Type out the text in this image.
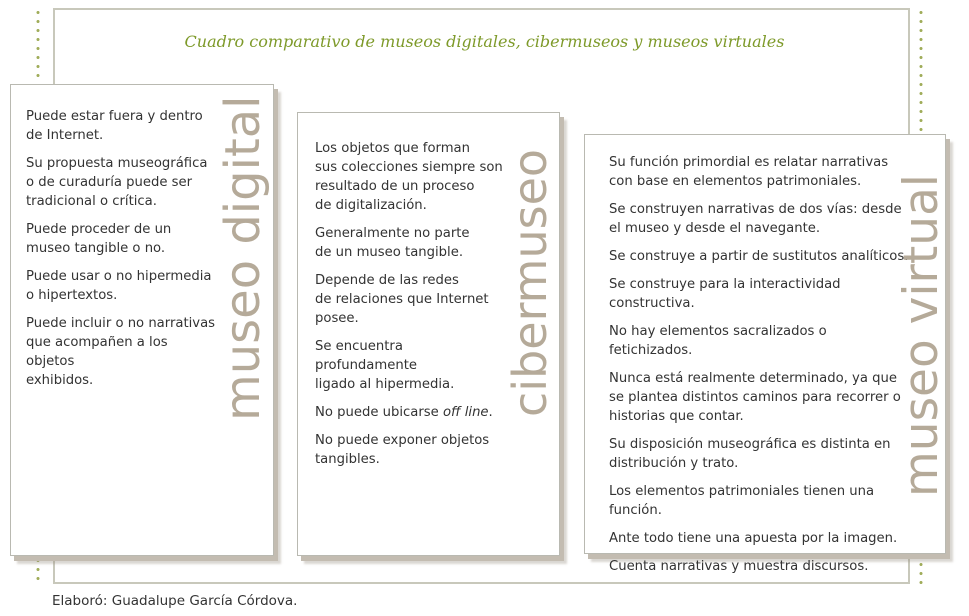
Cuadro comparativo de museos digitales, cibermuseos y museos virtuales
Puede estar fuera y dentro
de Internet.
Su propuesta museográfica
o de curaduría puede ser
tradicional o crítica.
Puede proceder de un
museo tangible o no.
Puede usar o no hipermedia
o hipertextos.
Puede incluir o no narrativas
que acompañen a los objetos
exhibidos.	museo digital	Los objetos que forman
sus colecciones siempre son
resultado de un proceso
de digitalización.
Generalmente no parte
de un museo tangible.
Depende de las redes
de relaciones que Internet
posee.
Se encuentra profundamente
ligado al hipermedia.
No puede ubicarse off line.
No puede exponer objetos
tangibles.
cibermuseo	Su función primordial es relatar narrativas
con base en elementos patrimoniales.
Se construyen narrativas de dos vías: desde
el museo y desde el navegante.
Se construye a partir de sustitutos analíticos.
Se construye para la interactividad
constructiva.
No hay elementos sacralizados o fetichizados.
Nunca está realmente determinado, ya que
se plantea distintos caminos para recorrer o
historias que contar.
Su disposición museográfica es distinta en
distribución y trato.
Los elementos patrimoniales tienen una función.
Ante todo tiene una apuesta por la imagen.
Cuenta narrativas y muestra discursos.
museo virtual
Elaboró: Guadalupe García Córdova.
